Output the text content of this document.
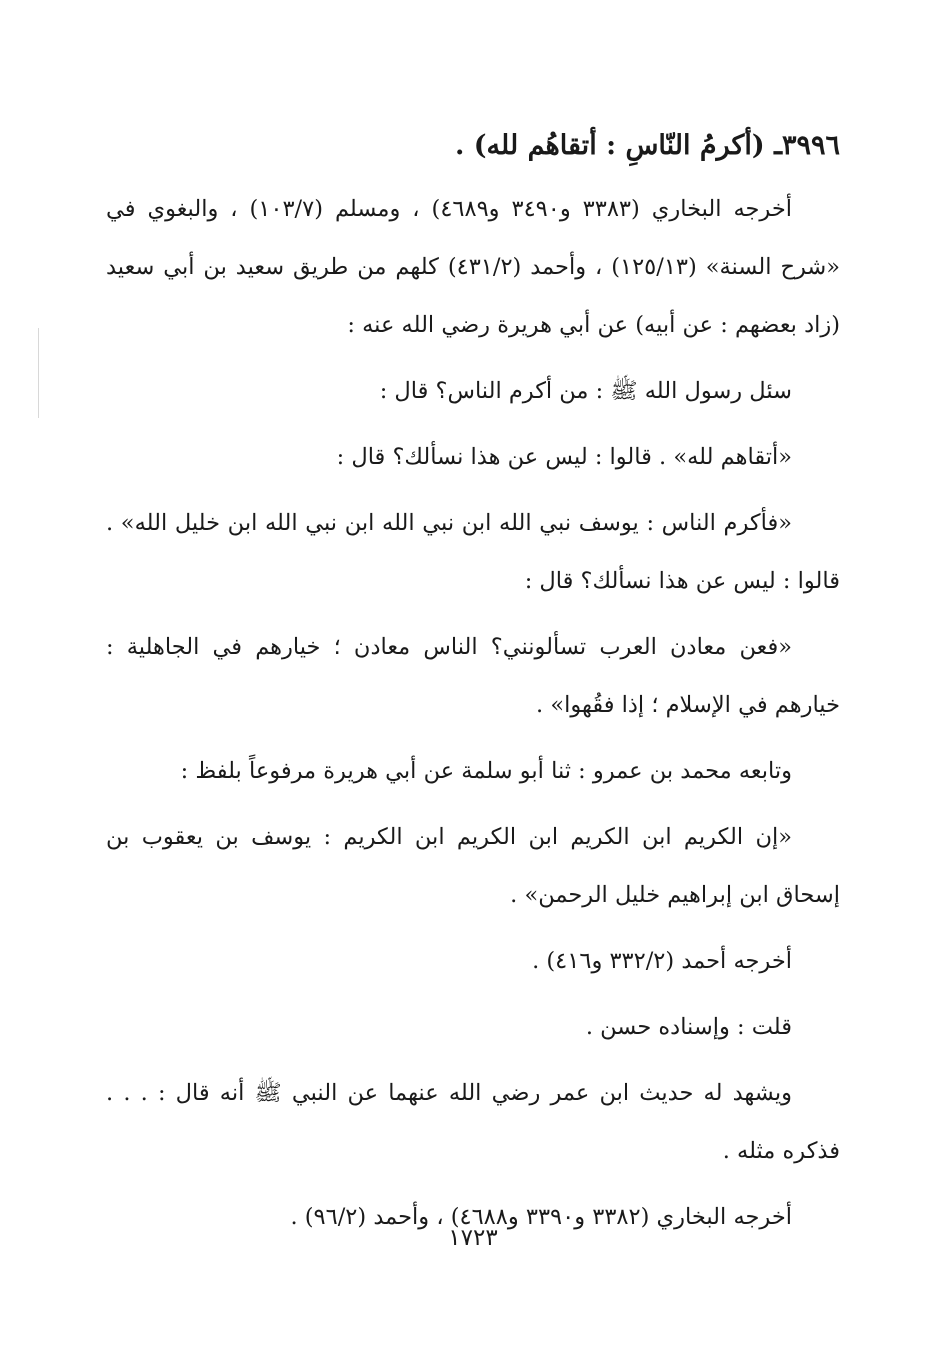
٣٩٩٦ـ (أكرمُ النّاسِ : أتقاهُم لله) .

أخرجه البخاري (٣٣٨٣ و٣٤٩٠ و٤٦٨٩) ، ومسلم (١٠٣/٧) ، والبغوي في «شرح السنة» (١٢٥/١٣) ، وأحمد (٤٣١/٢) كلهم من طريق سعيد بن أبي سعيد (زاد بعضهم : عن أبيه) عن أبي هريرة رضي الله عنه :

سئل رسول الله ﷺ : من أكرم الناس؟ قال :

«أتقاهم لله» . قالوا : ليس عن هذا نسألك؟ قال :

«فأكرم الناس : يوسف نبي الله ابن نبي الله ابن نبي الله ابن خليل الله» . قالوا : ليس عن هذا نسألك؟ قال :

«فعن معادن العرب تسألونني؟ الناس معادن ؛ خيارهم في الجاهلية : خيارهم في الإسلام ؛ إذا فقُهوا» .

وتابعه محمد بن عمرو : ثنا أبو سلمة عن أبي هريرة مرفوعاً بلفظ :

«إن الكريم ابن الكريم ابن الكريم ابن الكريم : يوسف بن يعقوب بن إسحاق ابن إبراهيم خليل الرحمن» .

أخرجه أحمد (٣٣٢/٢ و٤١٦) .

قلت : وإسناده حسن .

ويشهد له حديث ابن عمر رضي الله عنهما عن النبي ﷺ أنه قال : . . . فذكره مثله .

أخرجه البخاري (٣٣٨٢ و٣٣٩٠ و٤٦٨٨) ، وأحمد (٩٦/٢) .

١٧٢٣
